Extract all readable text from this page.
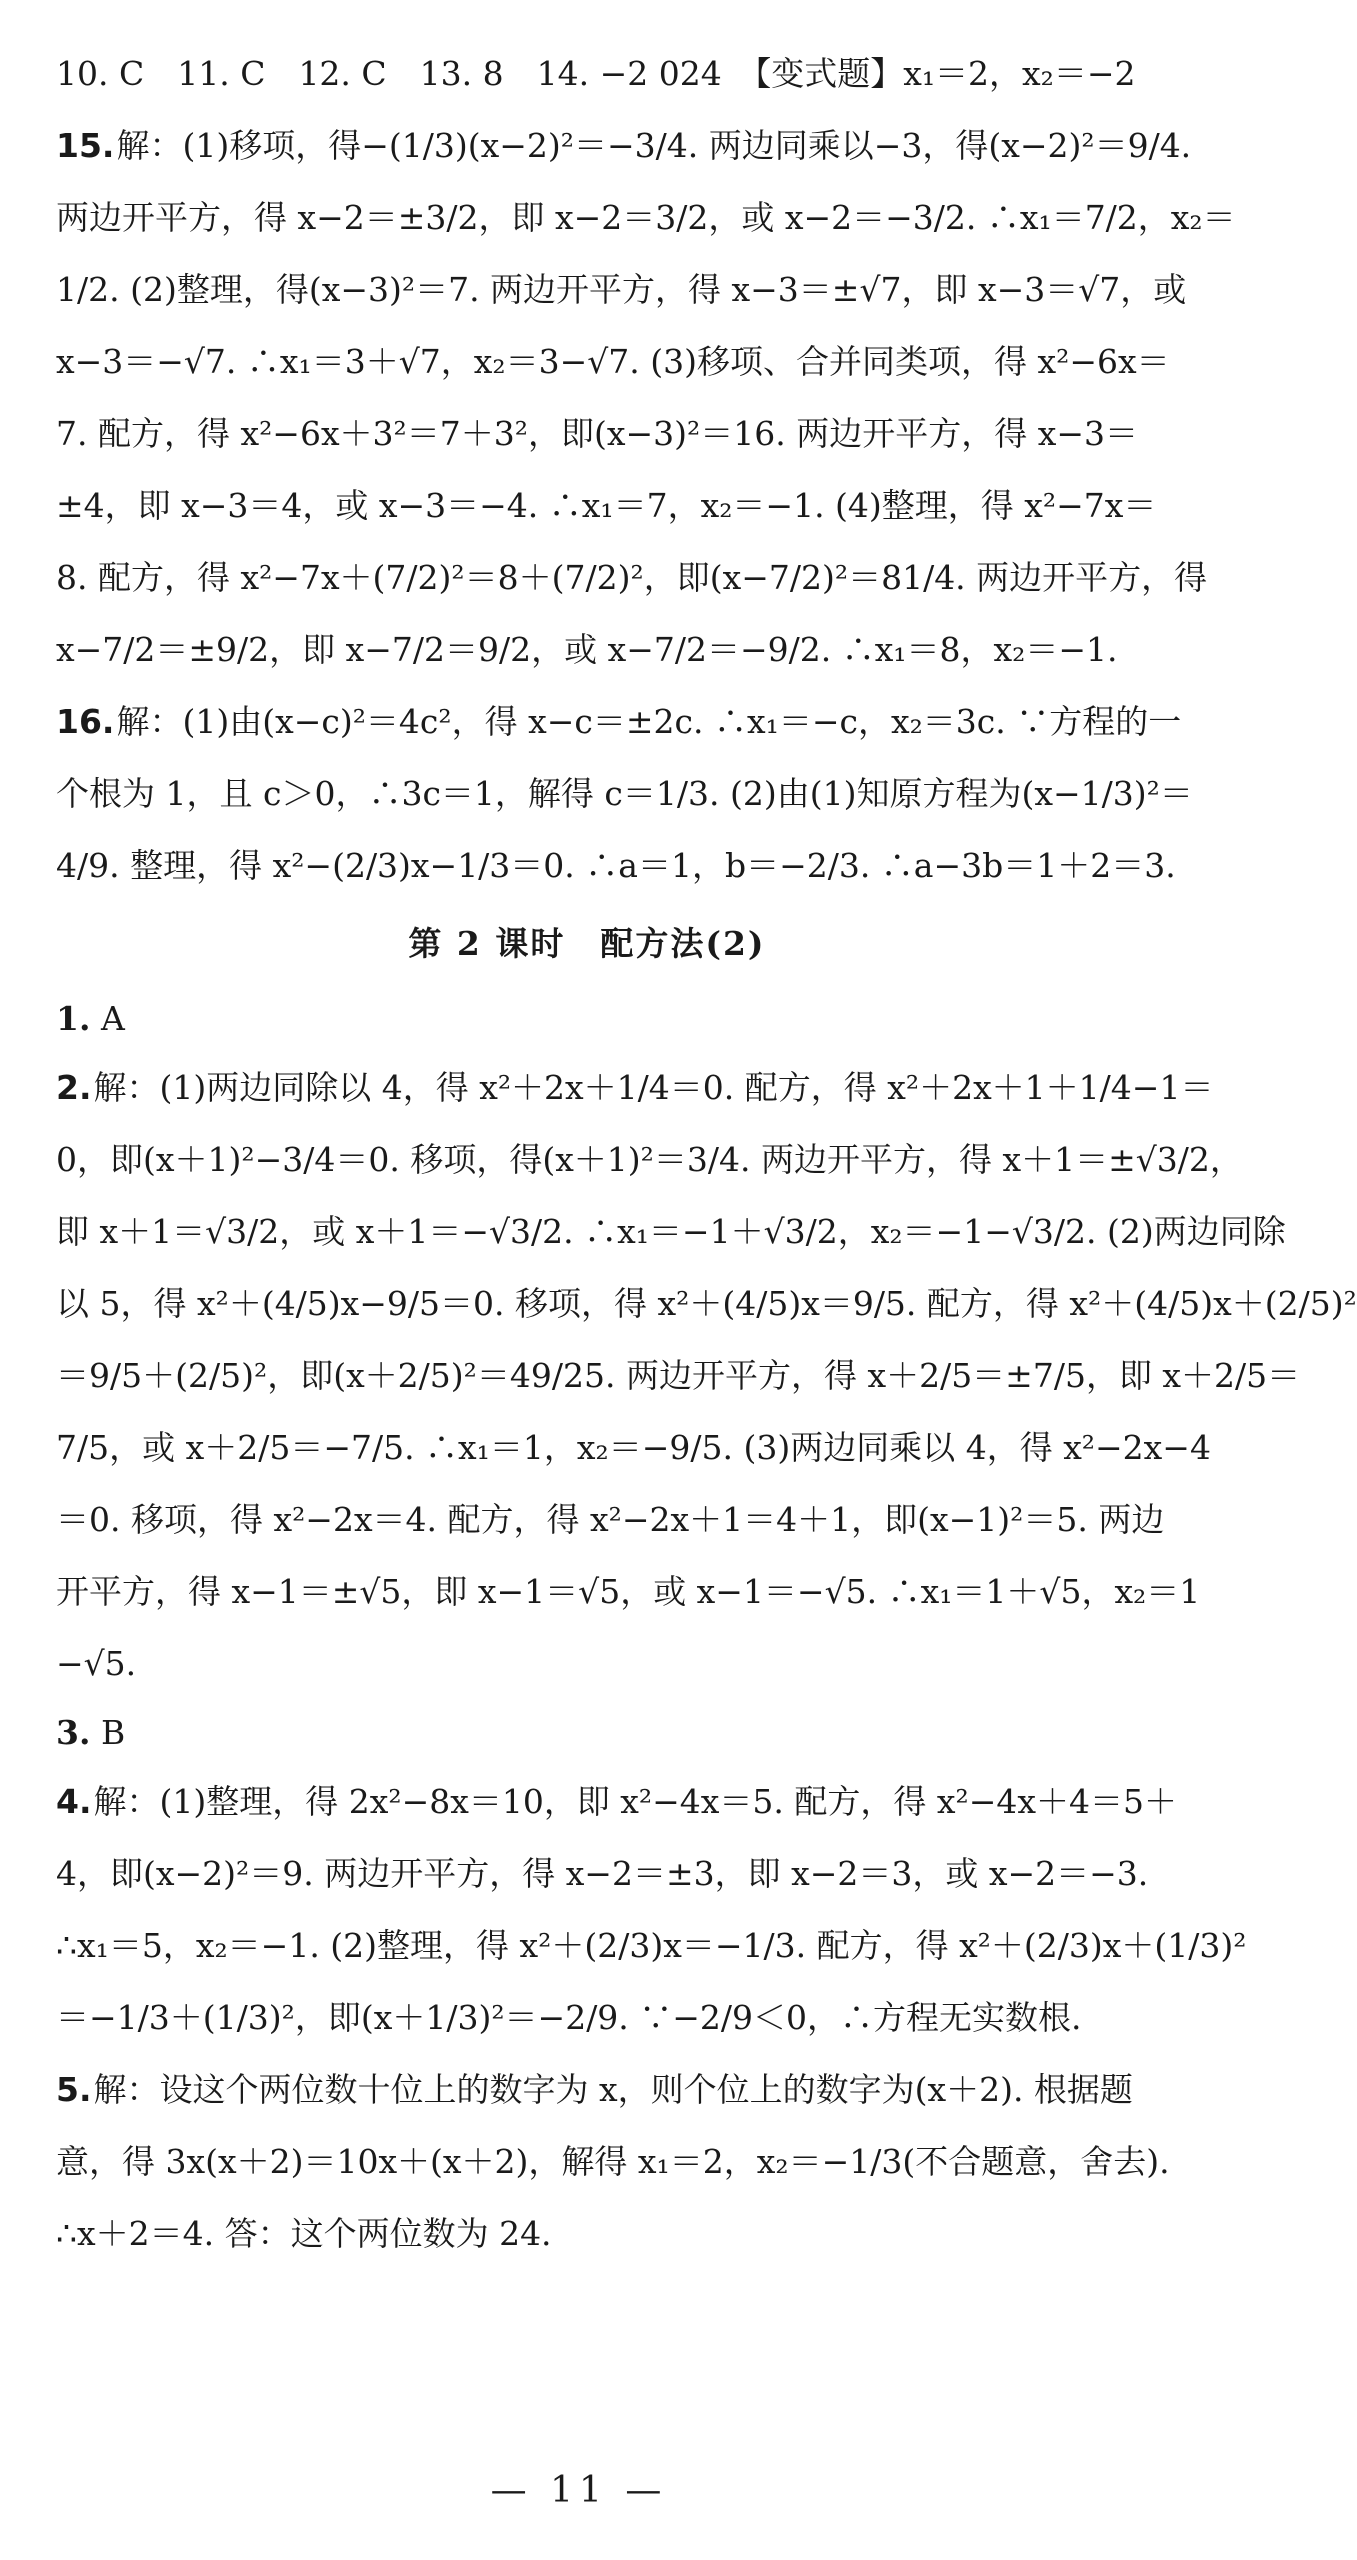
10. C　11. C　12. C　13. 8　14. −2 024　【变式题】x₁＝2，x₂＝−2

15.解：(1)移项，得−(1/3)(x−2)²＝−3/4. 两边同乘以−3，得(x−2)²＝9/4.

两边开平方，得 x−2＝±3/2，即 x−2＝3/2，或 x−2＝−3/2. ∴x₁＝7/2，x₂＝

1/2. (2)整理，得(x−3)²＝7. 两边开平方，得 x−3＝±√7，即 x−3＝√7，或

x−3＝−√7. ∴x₁＝3＋√7，x₂＝3−√7. (3)移项、合并同类项，得 x²−6x＝

7. 配方，得 x²−6x＋3²＝7＋3²，即(x−3)²＝16. 两边开平方，得 x−3＝

±4，即 x−3＝4，或 x−3＝−4. ∴x₁＝7，x₂＝−1. (4)整理，得 x²−7x＝

8. 配方，得 x²−7x＋(7/2)²＝8＋(7/2)²，即(x−7/2)²＝81/4. 两边开平方，得

x−7/2＝±9/2，即 x−7/2＝9/2，或 x−7/2＝−9/2. ∴x₁＝8，x₂＝−1.

16.解：(1)由(x−c)²＝4c²，得 x−c＝±2c. ∴x₁＝−c，x₂＝3c. ∵方程的一

个根为 1，且 c＞0，∴3c＝1，解得 c＝1/3. (2)由(1)知原方程为(x−1/3)²＝

4/9. 整理，得 x²−(2/3)x−1/3＝0. ∴a＝1，b＝−2/3. ∴a−3b＝1＋2＝3.

第 2 课时　配方法(2)

1. A

2.解：(1)两边同除以 4，得 x²＋2x＋1/4＝0. 配方，得 x²＋2x＋1＋1/4−1＝

0，即(x＋1)²−3/4＝0. 移项，得(x＋1)²＝3/4. 两边开平方，得 x＋1＝±√3/2，

即 x＋1＝√3/2，或 x＋1＝−√3/2. ∴x₁＝−1＋√3/2，x₂＝−1−√3/2. (2)两边同除

以 5，得 x²＋(4/5)x−9/5＝0. 移项，得 x²＋(4/5)x＝9/5. 配方，得 x²＋(4/5)x＋(2/5)²

＝9/5＋(2/5)²，即(x＋2/5)²＝49/25. 两边开平方，得 x＋2/5＝±7/5，即 x＋2/5＝

7/5，或 x＋2/5＝−7/5. ∴x₁＝1，x₂＝−9/5. (3)两边同乘以 4，得 x²−2x−4

＝0. 移项，得 x²−2x＝4. 配方，得 x²−2x＋1＝4＋1，即(x−1)²＝5. 两边

开平方，得 x−1＝±√5，即 x−1＝√5，或 x−1＝−√5. ∴x₁＝1＋√5，x₂＝1

−√5.

3. B

4.解：(1)整理，得 2x²−8x＝10，即 x²−4x＝5. 配方，得 x²−4x＋4＝5＋

4，即(x−2)²＝9. 两边开平方，得 x−2＝±3，即 x−2＝3，或 x−2＝−3.

∴x₁＝5，x₂＝−1. (2)整理，得 x²＋(2/3)x＝−1/3. 配方，得 x²＋(2/3)x＋(1/3)²

＝−1/3＋(1/3)²，即(x＋1/3)²＝−2/9. ∵−2/9＜0，∴方程无实数根.

5.解：设这个两位数十位上的数字为 x，则个位上的数字为(x＋2). 根据题

意，得 3x(x＋2)＝10x＋(x＋2)，解得 x₁＝2，x₂＝−1/3(不合题意，舍去).

∴x＋2＝4. 答：这个两位数为 24.

— 11 —
